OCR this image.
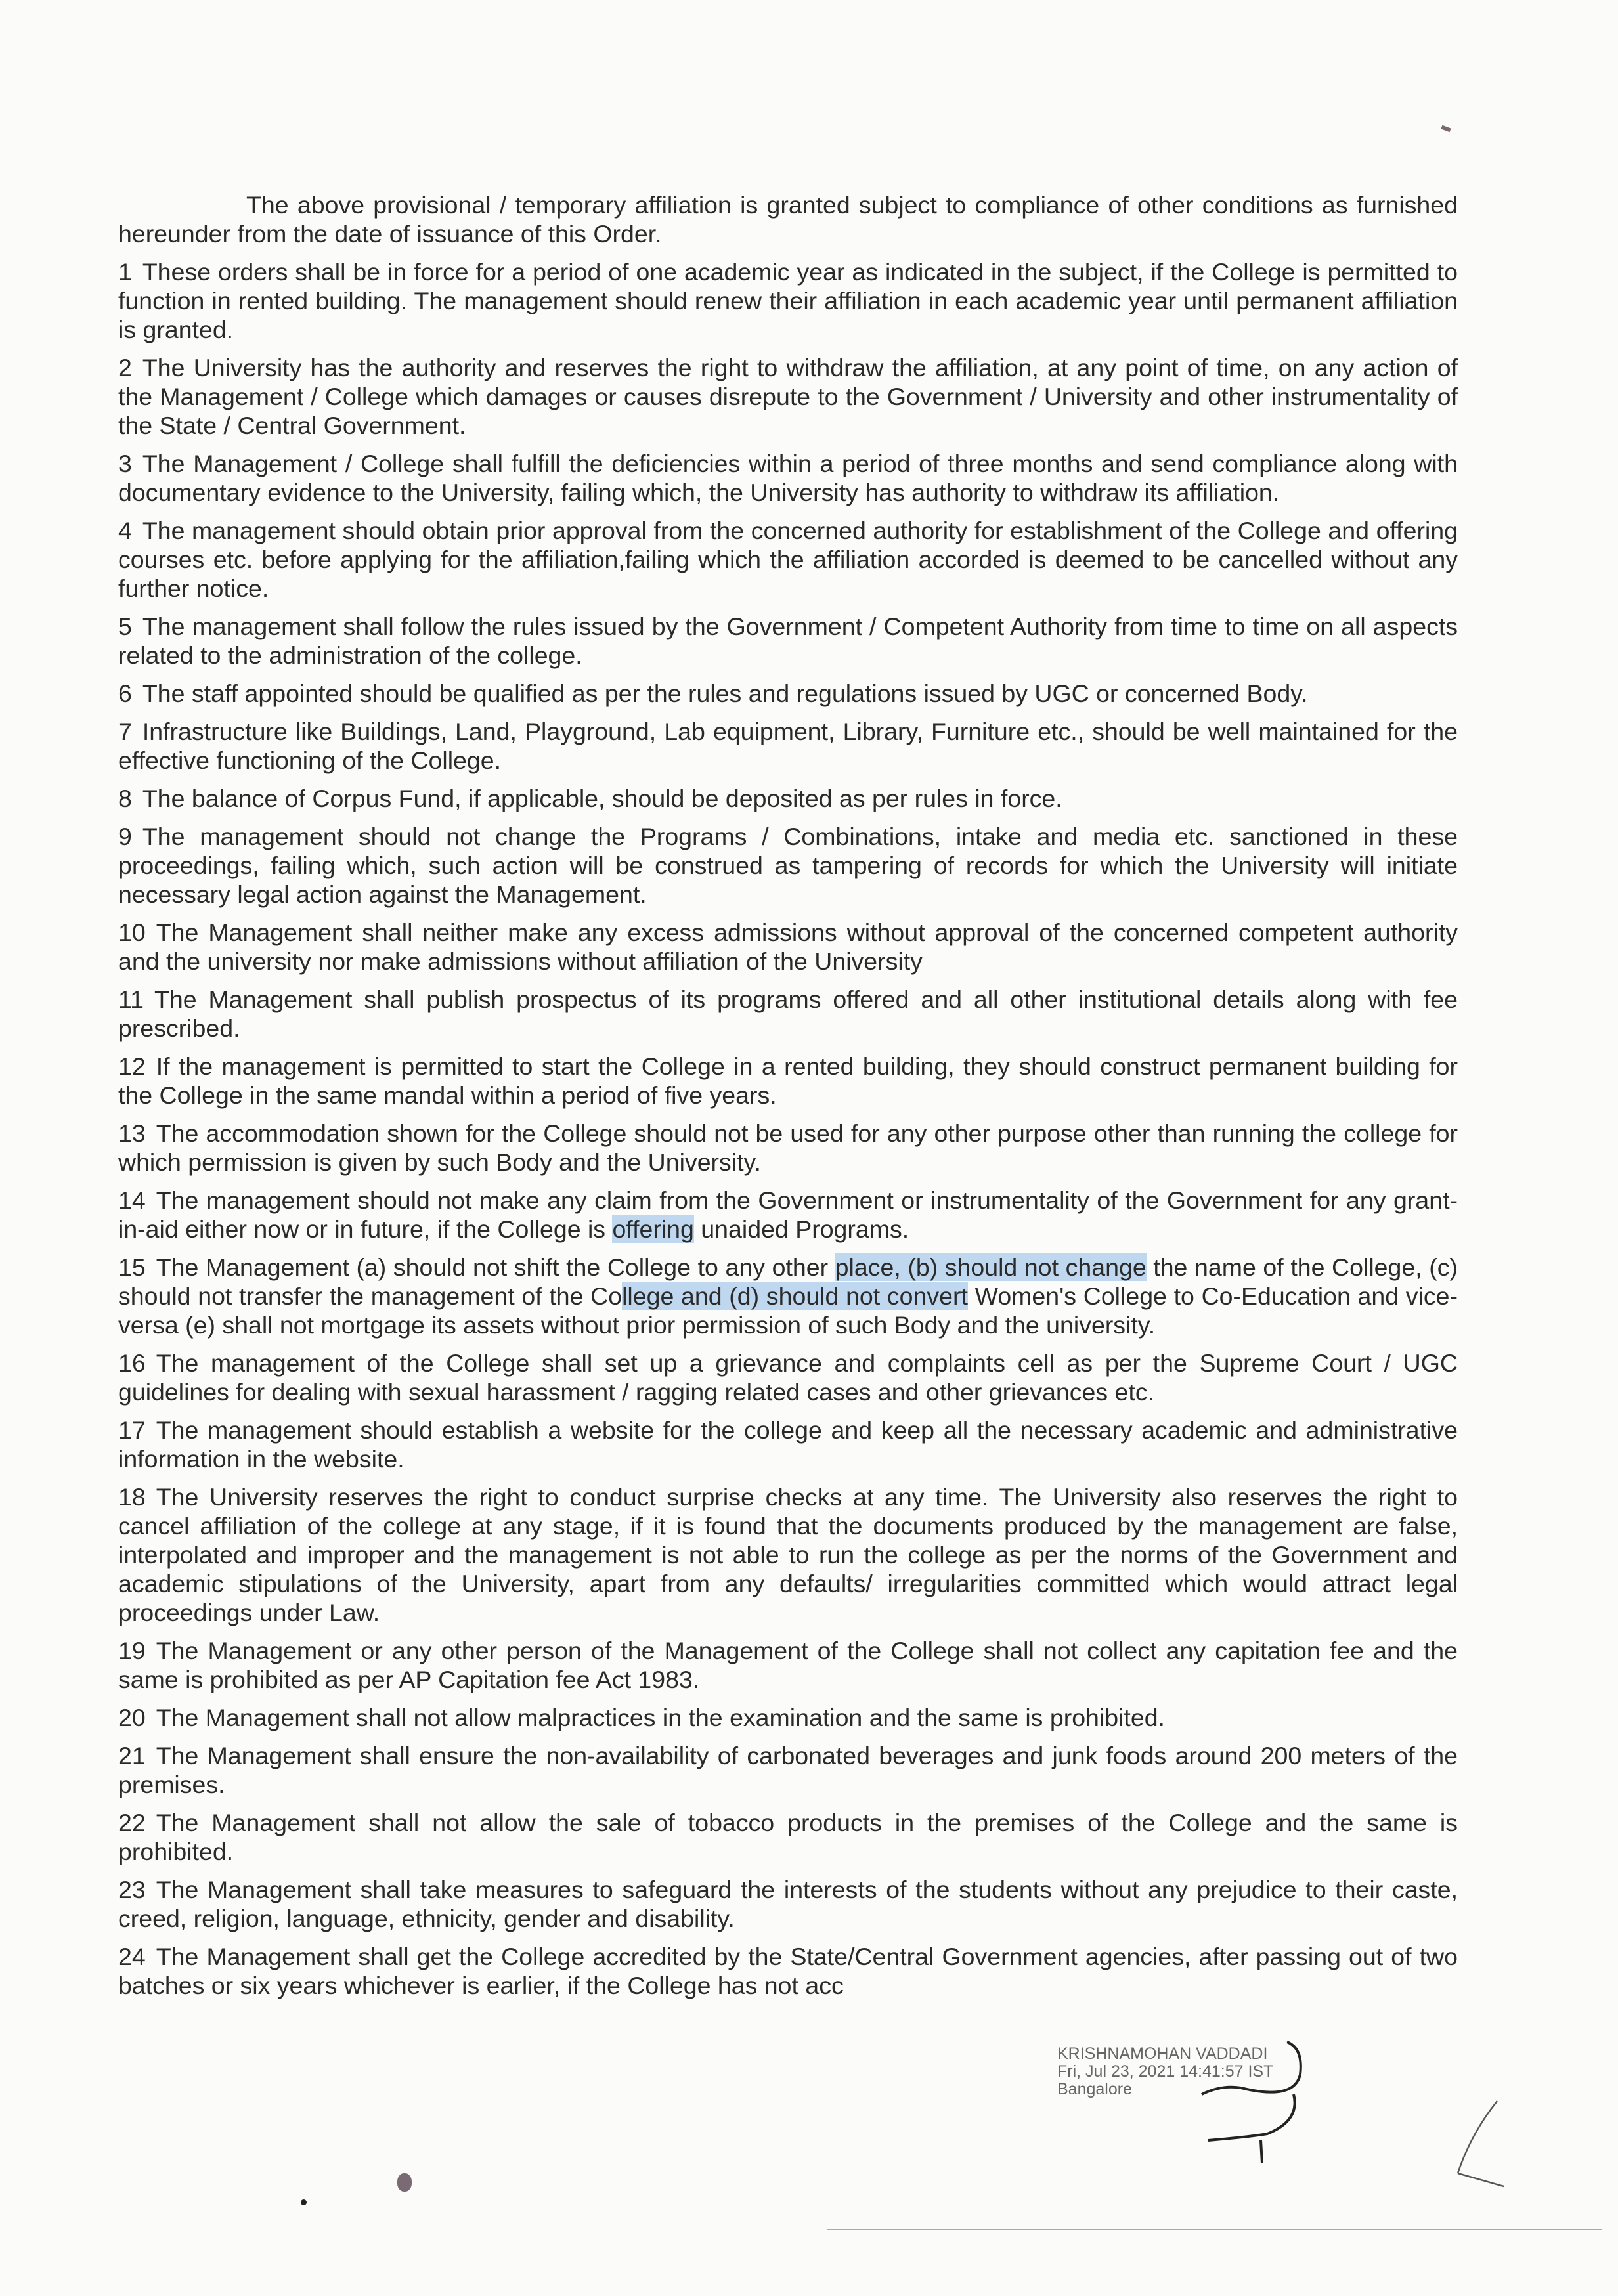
The above provisional / temporary affiliation is granted subject to compliance of other conditions as furnished hereunder from the date of issuance of this Order.

1 These orders shall be in force for a period of one academic year as indicated in the subject, if the College is permitted to function in rented building. The management should renew their affiliation in each academic year until permanent affiliation is granted.

2 The University has the authority and reserves the right to withdraw the affiliation, at any point of time, on any action of the Management / College which damages or causes disrepute to the Government / University and other instrumentality of the State / Central Government.

3 The Management / College shall fulfill the deficiencies within a period of three months and send compliance along with documentary evidence to the University, failing which, the University has authority to withdraw its affiliation.

4 The management should obtain prior approval from the concerned authority for establishment of the College and offering courses etc. before applying for the affiliation,failing which the affiliation accorded is deemed to be cancelled without any further notice.

5 The management shall follow the rules issued by the Government / Competent Authority from time to time on all aspects related to the administration of the college.

6 The staff appointed should be qualified as per the rules and regulations issued by UGC or concerned Body.

7 Infrastructure like Buildings, Land, Playground, Lab equipment, Library, Furniture etc., should be well maintained for the effective functioning of the College.

8 The balance of Corpus Fund, if applicable, should be deposited as per rules in force.

9 The management should not change the Programs / Combinations, intake and media etc. sanctioned in these proceedings, failing which, such action will be construed as tampering of records for which the University will initiate necessary legal action against the Management.

10 The Management shall neither make any excess admissions without approval of the concerned competent authority and the university nor make admissions without affiliation of the University

11 The Management shall publish prospectus of its programs offered and all other institutional details along with fee prescribed.

12 If the management is permitted to start the College in a rented building, they should construct permanent building for the College in the same mandal within a period of five years.

13 The accommodation shown for the College should not be used for any other purpose other than running the college for which permission is given by such Body and the University.

14 The management should not make any claim from the Government or instrumentality of the Government for any grant-in-aid either now or in future, if the College is offering unaided Programs.

15 The Management (a) should not shift the College to any other place, (b) should not change the name of the College, (c) should not transfer the management of the College and (d) should not convert Women's College to Co-Education and vice-versa (e) shall not mortgage its assets without prior permission of such Body and the university.

16 The management of the College shall set up a grievance and complaints cell as per the Supreme Court / UGC guidelines for dealing with sexual harassment / ragging related cases and other grievances etc.

17 The management should establish a website for the college and keep all the necessary academic and administrative information in the website.

18 The University reserves the right to conduct surprise checks at any time. The University also reserves the right to cancel affiliation of the college at any stage, if it is found that the documents produced by the management are false, interpolated and improper and the management is not able to run the college as per the norms of the Government and academic stipulations of the University, apart from any defaults/ irregularities committed which would attract legal proceedings under Law.

19 The Management or any other person of the Management of the College shall not collect any capitation fee and the same is prohibited as per AP Capitation fee Act 1983.

20 The Management shall not allow malpractices in the examination and the same is prohibited.

21 The Management shall ensure the non-availability of carbonated beverages and junk foods around 200 meters of the premises.

22 The Management shall not allow the sale of tobacco products in the premises of the College and the same is prohibited.

23 The Management shall take measures to safeguard the interests of the students without any prejudice to their caste, creed, religion, language, ethnicity, gender and disability.

24 The Management shall get the College accredited by the State/Central Government agencies, after passing out of two batches or six years whichever is earlier, if the College has not acc

KRISHNAMOHAN VADDADI
Fri, Jul 23, 2021 14:41:57 IST
Bangalore
